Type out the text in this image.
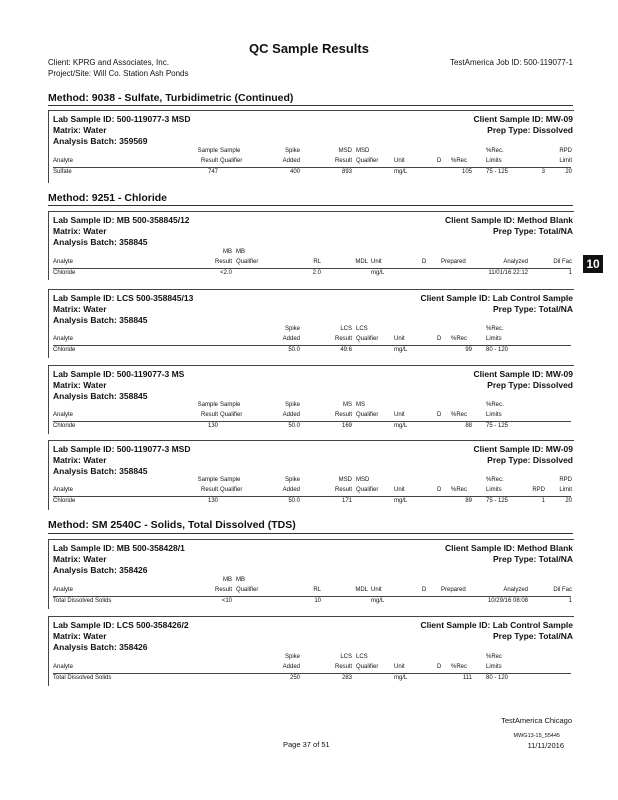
QC Sample Results
Client: KPRG and Associates, Inc.
Project/Site: Will Co. Station Ash Ponds
TestAmerica Job ID: 500-119077-1
10
Method: 9038 - Sulfate, Turbidimetric (Continued)
Lab Sample ID: 500-119077-3 MSD
Matrix: Water
Analysis Batch: 359569
Client Sample ID: MW-09
Prep Type: Dissolved
Sample Sample	Spike	MSD MSD	%Rec.	RPD
Analyte	Result Qualifier	Added	Result Qualifier	Unit	D %Rec	Limits	Limit
Sulfate	747	400	893	mg/L	105 75 - 125	3	20
Method: 9251 - Chloride
Lab Sample ID: MB 500-358845/12
Matrix: Water
Analysis Batch: 358845
Client Sample ID: Method Blank
Prep Type: Total/NA
MB MB
Analyte	Result Qualifier	RL	MDL Unit	D Prepared	Analyzed	Dil Fac
Chloride	<2.0	2.0	mg/L	11/01/16 22:12	1
Lab Sample ID: LCS 500-358845/13
Matrix: Water
Analysis Batch: 358845
Client Sample ID: Lab Control Sample
Prep Type: Total/NA
Spike	LCS LCS	%Rec.
Analyte	Added	Result Qualifier	Unit	D %Rec	Limits
Chloride	50.0	49.6	mg/L	99 80 - 120
Lab Sample ID: 500-119077-3 MS
Matrix: Water
Analysis Batch: 358845
Client Sample ID: MW-09
Prep Type: Dissolved
Sample Sample	Spike	MS MS	%Rec.
Analyte	Result Qualifier	Added	Result Qualifier	Unit	D %Rec	Limits
Chloride	130	50.0	169	mg/L	88 75 - 125
Lab Sample ID: 500-119077-3 MSD
Matrix: Water
Analysis Batch: 358845
Client Sample ID: MW-09
Prep Type: Dissolved
Sample Sample	Spike	MSD MSD	%Rec.	RPD
Analyte	Result Qualifier	Added	Result Qualifier	Unit	D %Rec	Limits	RPD Limit
Chloride	130	50.0	171	mg/L	89 75 - 125	1	20
Method: SM 2540C - Solids, Total Dissolved (TDS)
Lab Sample ID: MB 500-358428/1
Matrix: Water
Analysis Batch: 358426
Client Sample ID: Method Blank
Prep Type: Total/NA
MB MB
Analyte	Result Qualifier	RL	MDL Unit	D Prepared	Analyzed	Dil Fac
Total Dissolved Solids	<10	10	mg/L	10/29/16 08:08	1
Lab Sample ID: LCS 500-358426/2
Matrix: Water
Analysis Batch: 358426
Client Sample ID: Lab Control Sample
Prep Type: Total/NA
Spike	LCS LCS	%Rec
Analyte	Added	Result Qualifier	Unit	D %Rec	Limits
Total Dissolved Solids	250	283	mg/L	111 80 - 120
TestAmerica Chicago
Page 37 of 51
MWG13-15_55445
11/11/2016
